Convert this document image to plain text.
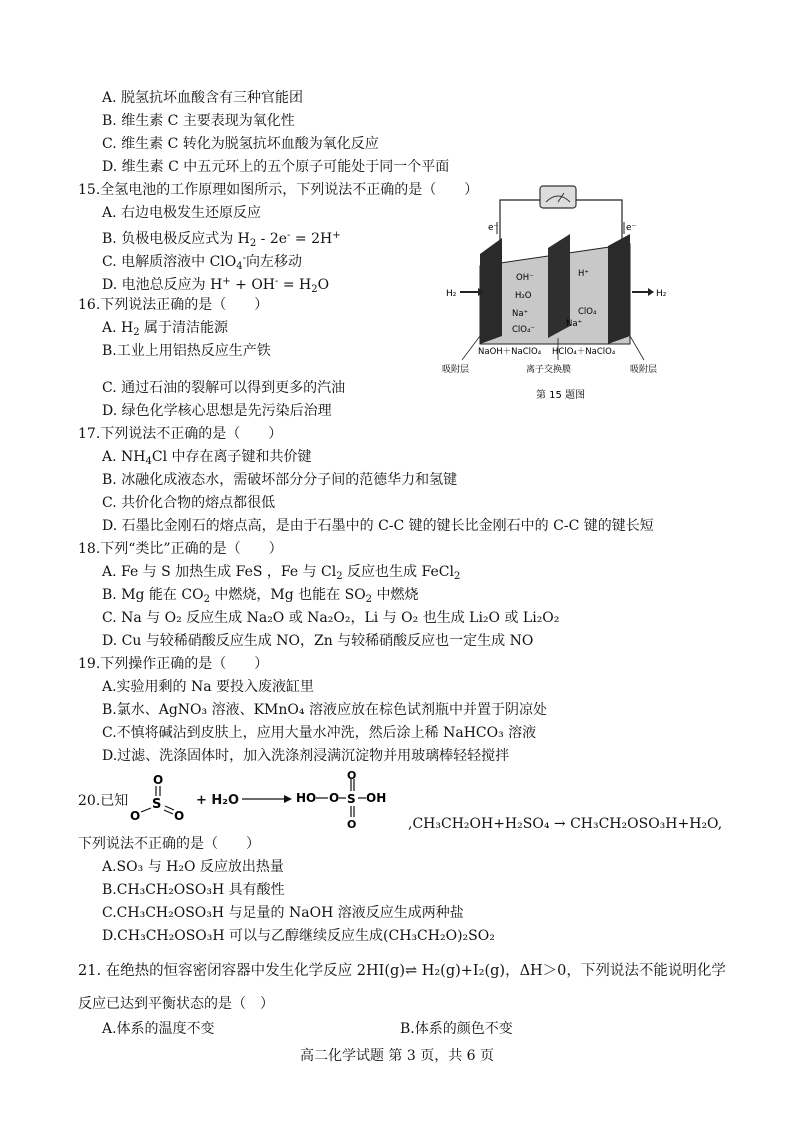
A. 脱氢抗坏血酸含有三种官能团
B. 维生素 C 主要表现为氧化性
C. 维生素 C 转化为脱氢抗坏血酸为氧化反应
D. 维生素 C 中五元环上的五个原子可能处于同一个平面
15.全氢电池的工作原理如图所示，下列说法不正确的是（　　）
A. 右边电极发生还原反应
B. 负极电极反应式为 $H_2 - 2e^- = 2H^+$
C. 电解质溶液中 ClO$_4$-向左移动
D. 电池总反应为 $H^+ + OH^- = H_2O$
e⁻	e⁻
H₂	H₂
OH⁻
H₂O
Na⁺
ClO₄⁻
H⁺
ClO₄
Na⁺
NaOH＋NaClO₄ HClO₄＋NaClO₄
吸附层	离子交换膜	吸附层
第 15 题图
16.下列说法正确的是（　　）
A. $H_2$ 属于清洁能源
B.工业上用铝热反应生产铁
C. 通过石油的裂解可以得到更多的汽油
D. 绿色化学核心思想是先污染后治理
17.下列说法不正确的是（　　）
A. $NH_4Cl$ 中存在离子键和共价键
B. 冰融化成液态水，需破坏部分分子间的范德华力和氢键
C. 共价化合物的熔点都很低
D. 石墨比金刚石的熔点高，是由于石墨中的 C-C 键的键长比金刚石中的 C-C 键的键长短
18.下列“类比”正确的是（　　）
A. Fe 与 S 加热生成 FeS ，Fe 与 $Cl_2$ 反应也生成 FeCl$_2$
B. Mg 能在 $CO_2$ 中燃烧，Mg 也能在 $SO_2$ 中燃烧
C. Na 与 O₂ 反应生成 Na₂O 或 Na₂O₂，Li 与 O₂ 也生成 Li₂O 或 Li₂O₂
D. Cu 与较稀硝酸反应生成 NO，Zn 与较稀硝酸反应也一定生成 NO
19.下列操作正确的是（　　）
A.实验用剩的 Na 要投入废液缸里
B.氯水、AgNO₃ 溶液、KMnO₄ 溶液应放在棕色试剂瓶中并置于阴凉处
C.不慎将碱沾到皮肤上，应用大量水冲洗，然后涂上稀 NaHCO₃ 溶液
D.过滤、洗涤固体时，加入洗涤剂浸满沉淀物并用玻璃棒轻轻搅拌
20.已知 S
O
O	O
+ H₂O → HO O S
O
O
OH
,CH₃CH₂OH+H₂SO₄ → CH₃CH₂OSO₃H+H₂O,
下列说法不正确的是（　　）
A.SO₃ 与 H₂O 反应放出热量
B.CH₃CH₂OSO₃H 具有酸性
C.CH₃CH₂OSO₃H 与足量的 NaOH 溶液反应生成两种盐
D.CH₃CH₂OSO₃H 可以与乙醇继续反应生成(CH₃CH₂O)₂SO₂
21. 在绝热的恒容密闭容器中发生化学反应 2HI(g)⇌ H₂(g)+I₂(g)，ΔH＞0，下列说法不能说明化学
反应已达到平衡状态的是（　）
A.体系的温度不变	B.体系的颜色不变
高二化学试题 第 3 页，共 6 页
